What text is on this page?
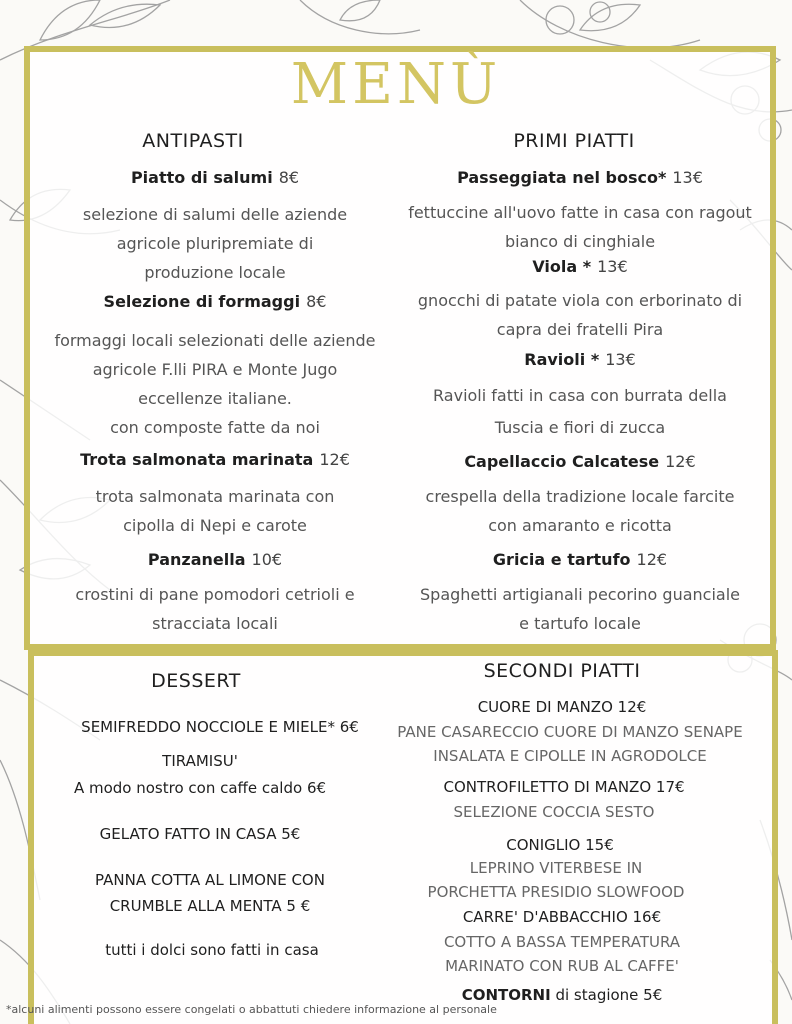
MENÙ
ANTIPASTI
Piatto di salumi 8€
selezione di salumi delle aziende
agricole pluripremiate di
produzione locale
Selezione di formaggi 8€
formaggi locali selezionati delle aziende
agricole F.lli PIRA e Monte Jugo
eccellenze italiane.
con composte fatte da noi
Trota salmonata marinata 12€
trota salmonata marinata con
cipolla di Nepi e carote
Panzanella 10€
crostini di pane pomodori cetrioli e
stracciata locali
PRIMI PIATTI
Passeggiata nel bosco* 13€
fettuccine all'uovo fatte in casa con ragout
bianco di cinghiale
Viola * 13€
gnocchi di patate viola con erborinato di
capra dei fratelli Pira
Ravioli * 13€
Ravioli fatti in casa con burrata della
Tuscia e fiori di zucca
Capellaccio Calcatese 12€
crespella della tradizione locale farcite
con amaranto e ricotta
Gricia e tartufo 12€
Spaghetti artigianali pecorino guanciale
e tartufo locale
DESSERT
SEMIFREDDO NOCCIOLE E MIELE* 6€
TIRAMISU'
A modo nostro con caffe caldo 6€
GELATO FATTO IN CASA 5€
PANNA COTTA AL LIMONE CON
CRUMBLE ALLA MENTA 5 €
tutti i dolci sono fatti in casa
SECONDI PIATTI
CUORE DI MANZO 12€
PANE CASARECCIO CUORE DI MANZO SENAPE
INSALATA E CIPOLLE IN AGRODOLCE
CONTROFILETTO DI MANZO 17€
SELEZIONE COCCIA SESTO
CONIGLIO 15€
LEPRINO VITERBESE IN
PORCHETTA PRESIDIO SLOWFOOD
CARRE' D'ABBACCHIO 16€
COTTO A BASSA TEMPERATURA
MARINATO CON RUB AL CAFFE'
CONTORNI di stagione 5€
*alcuni alimenti possono essere congelati o abbattuti chiedere informazione al personale
